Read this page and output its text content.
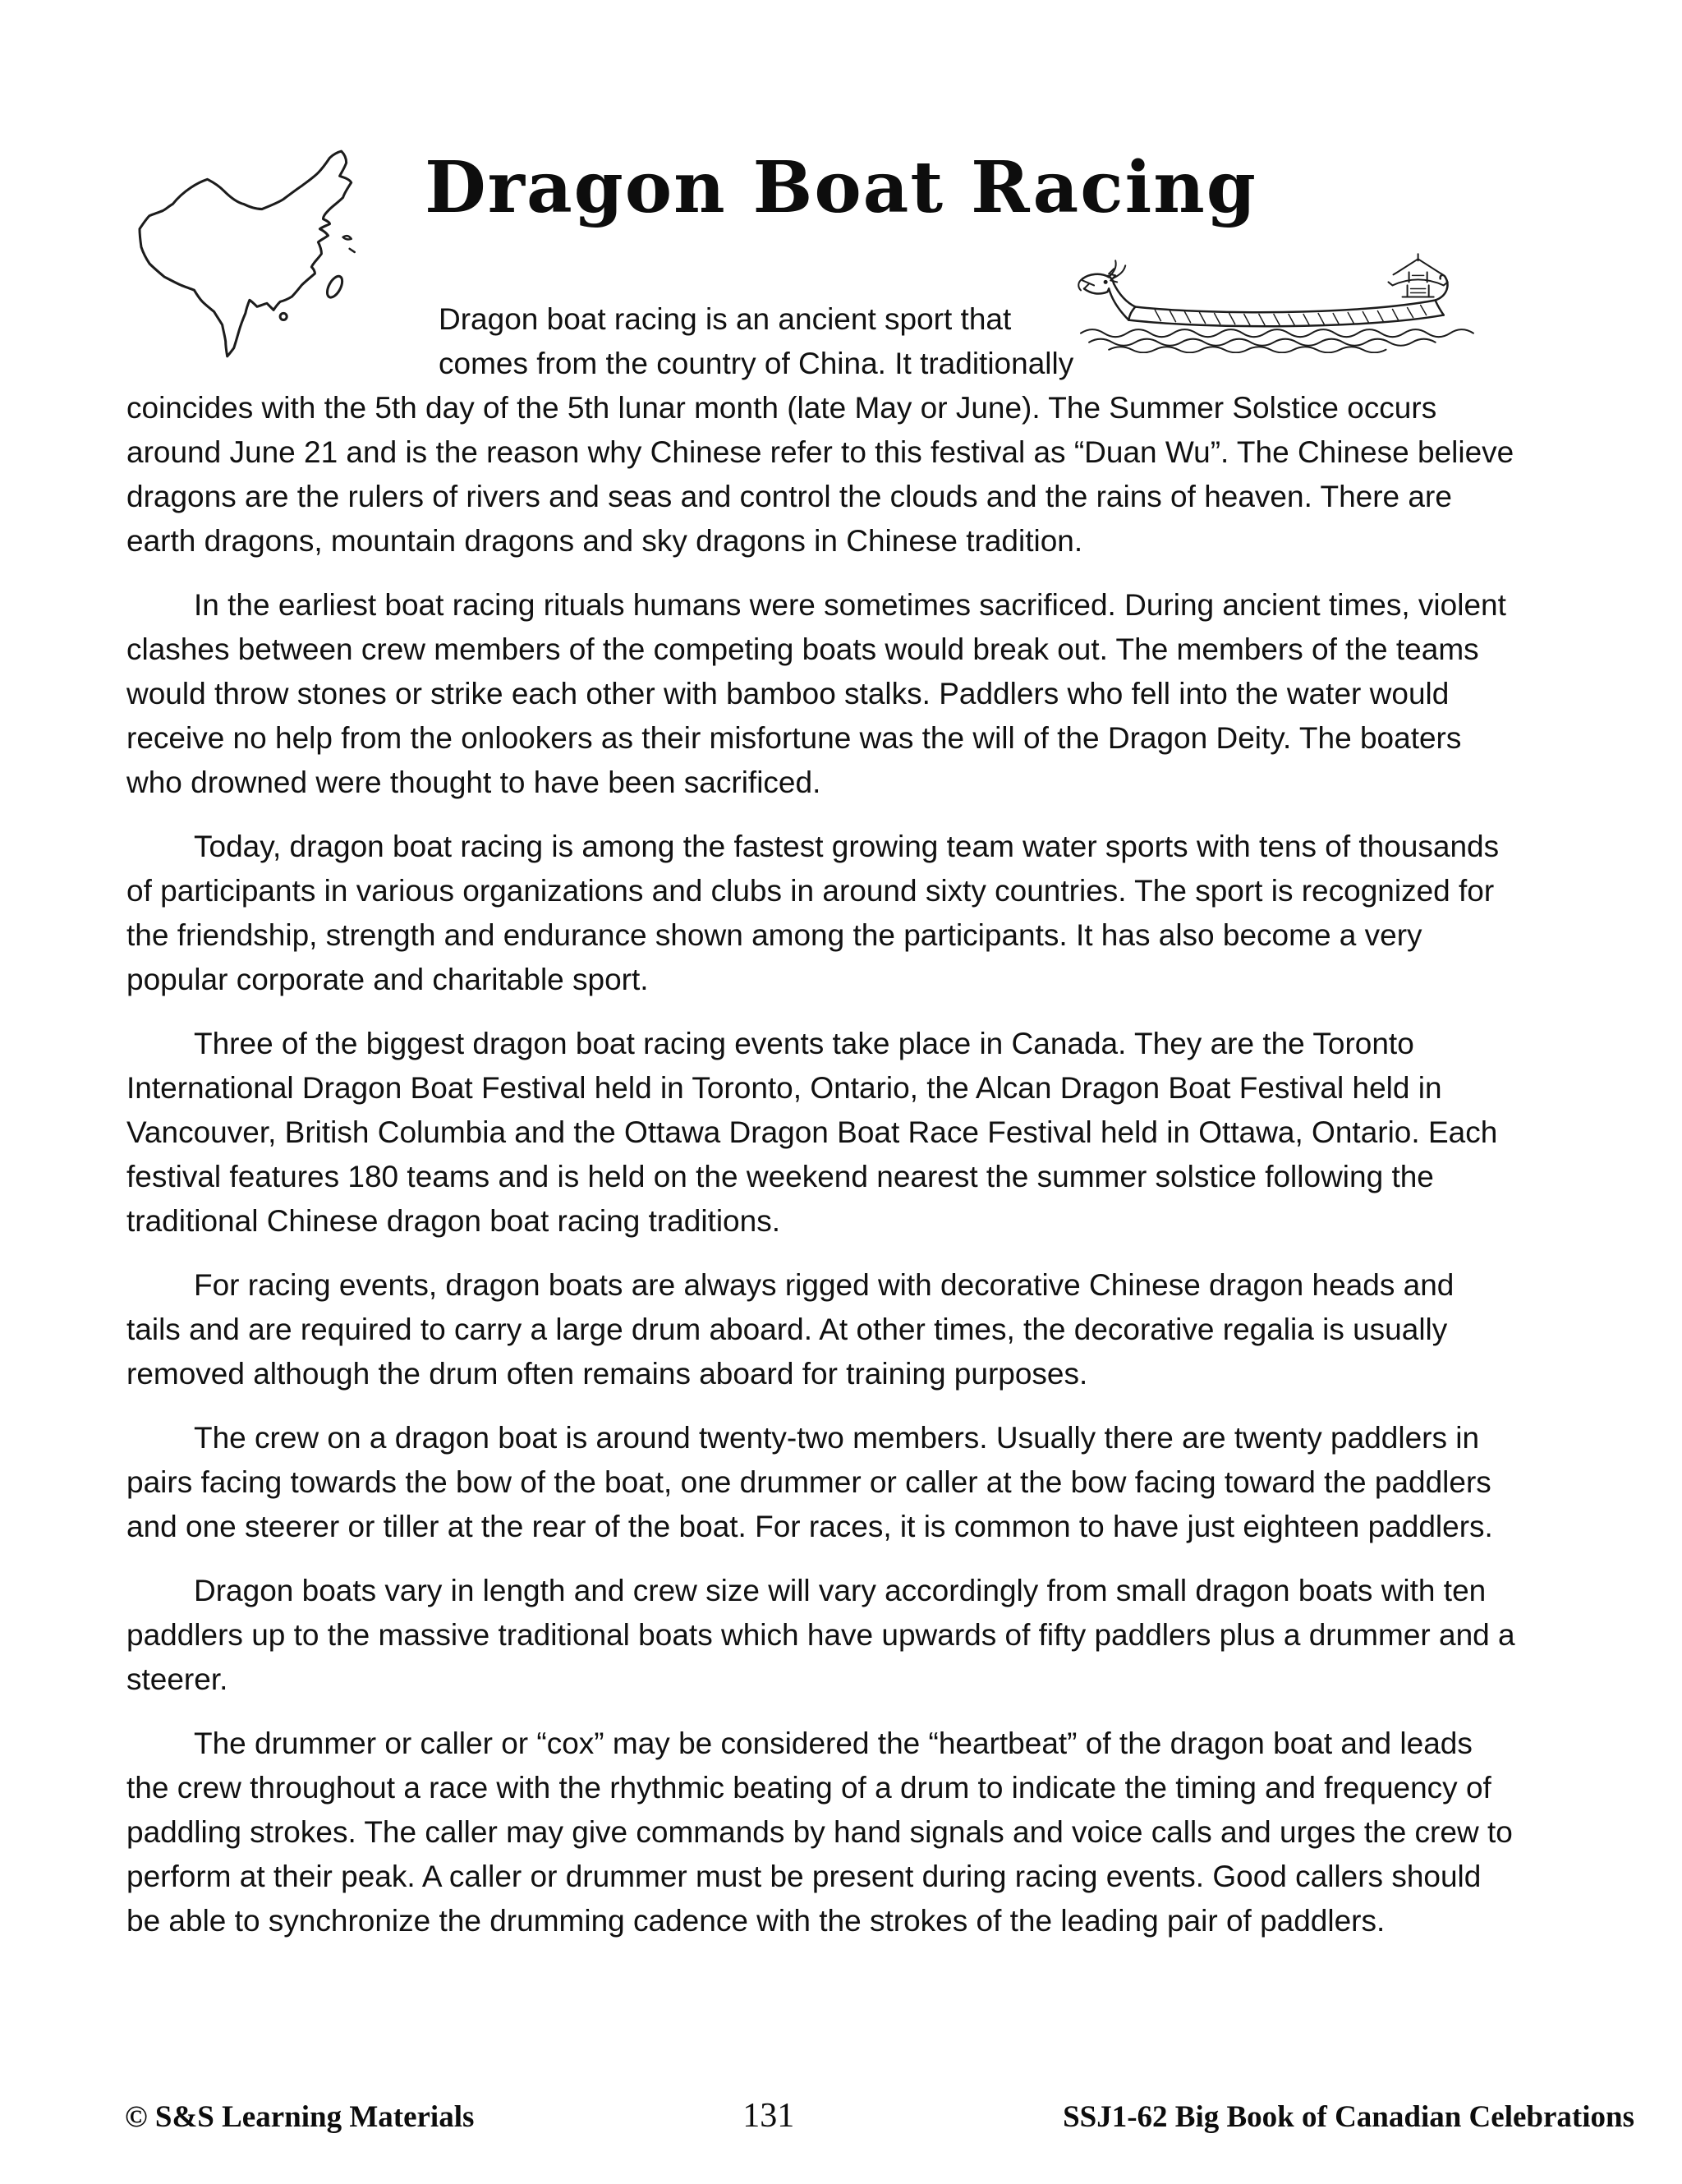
Dragon Boat Racing

Dragon boat racing is an ancient sport that comes from the country of China. It traditionally coincides with the 5th day of the 5th lunar month (late May or June). The Summer Solstice occurs around June 21 and is the reason why Chinese refer to this festival as “Duan Wu”. The Chinese believe dragons are the rulers of rivers and seas and control the clouds and the rains of heaven. There are earth dragons, mountain dragons and sky dragons in Chinese tradition.

In the earliest boat racing rituals humans were sometimes sacrificed. During ancient times, violent clashes between crew members of the competing boats would break out. The members of the teams would throw stones or strike each other with bamboo stalks. Paddlers who fell into the water would receive no help from the onlookers as their misfortune was the will of the Dragon Deity. The boaters who drowned were thought to have been sacrificed.

Today, dragon boat racing is among the fastest growing team water sports with tens of thousands of participants in various organizations and clubs in around sixty countries. The sport is recognized for the friendship, strength and endurance shown among the participants. It has also become a very popular corporate and charitable sport.

Three of the biggest dragon boat racing events take place in Canada. They are the Toronto International Dragon Boat Festival held in Toronto, Ontario, the Alcan Dragon Boat Festival held in Vancouver, British Columbia and the Ottawa Dragon Boat Race Festival held in Ottawa, Ontario. Each festival features 180 teams and is held on the weekend nearest the summer solstice following the traditional Chinese dragon boat racing traditions.

For racing events, dragon boats are always rigged with decorative Chinese dragon heads and tails and are required to carry a large drum aboard. At other times, the decorative regalia is usually removed although the drum often remains aboard for training purposes.

The crew on a dragon boat is around twenty-two members. Usually there are twenty paddlers in pairs facing towards the bow of the boat, one drummer or caller at the bow facing toward the paddlers and one steerer or tiller at the rear of the boat. For races, it is common to have just eighteen paddlers.

Dragon boats vary in length and crew size will vary accordingly from small dragon boats with ten paddlers up to the massive traditional boats which have upwards of fifty paddlers plus a drummer and a steerer.

The drummer or caller or “cox” may be considered the “heartbeat” of the dragon boat and leads the crew throughout a race with the rhythmic beating of a drum to indicate the timing and frequency of paddling strokes. The caller may give commands by hand signals and voice calls and urges the crew to perform at their peak. A caller or drummer must be present during racing events. Good callers should be able to synchronize the drumming cadence with the strokes of the leading pair of paddlers.

© S&S Learning Materials	131	SSJ1-62 Big Book of Canadian Celebrations
